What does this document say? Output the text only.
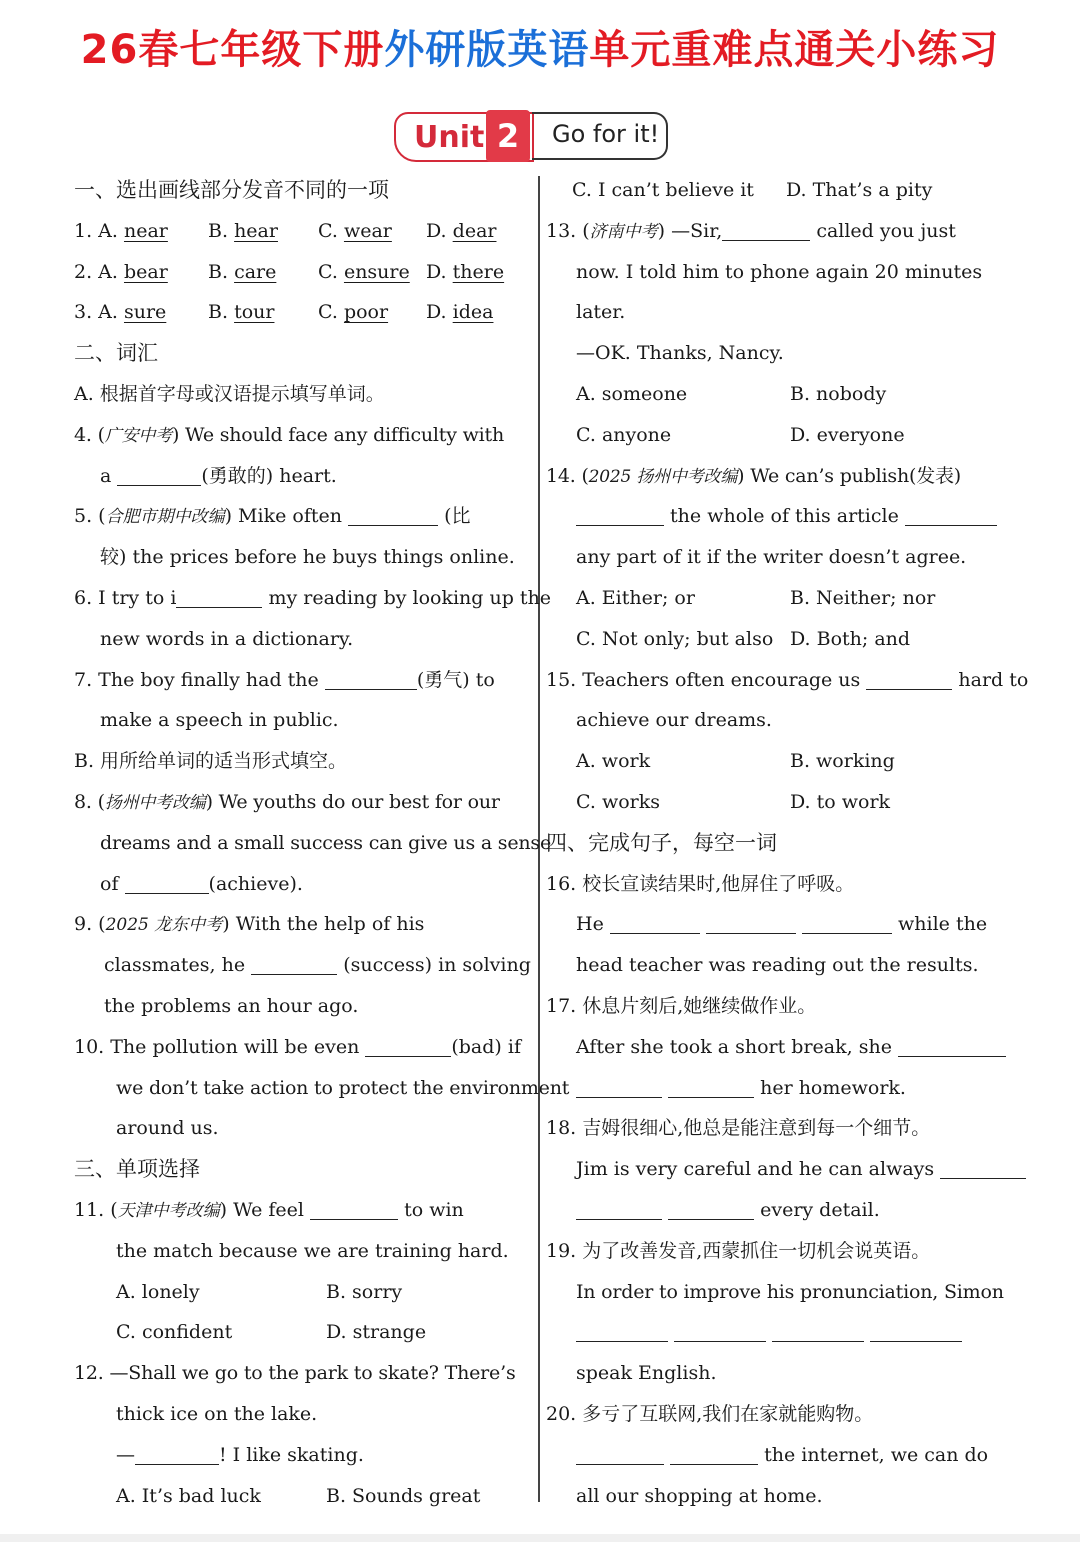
26春七年级下册外研版英语单元重难点通关小练习
Unit 2	Go for it!
一、选出画线部分发音不同的一项
1. A. near B. hear C. wear D. dear
2. A. bear B. care C. ensure D. there
3. A. sure B. tour C. poor D. idea
二、词汇
A. 根据首字母或汉语提示填写单词。
4. (广安中考) We should face any difficulty with
a	(勇敢的) heart.
5. (合肥市期中改编) Mike often	(比
较) the prices before he buys things online.
6. I try to i	my reading by looking up the
new words in a dictionary.
7. The boy finally had the	(勇气) to
make a speech in public.
B. 用所给单词的适当形式填空。
8. (扬州中考改编) We youths do our best for our
dreams and a small success can give us a sense
of	(achieve).
9. (2025 龙东中考) With the help of his
classmates, he	(success) in solving
the problems an hour ago.
10. The pollution will be even	(bad) if
we don’t take action to protect the environment
around us.
三、单项选择
11. (天津中考改编) We feel	to win
the match because we are training hard.
A. lonely	B. sorry
C. confident	D. strange
12. —Shall we go to the park to skate? There’s
thick ice on the lake.
—	! I like skating.
A. It’s bad luck	B. Sounds great
C. I can’t believe it D. That’s a pity
13. (济南中考) —Sir,	called you just
now. I told him to phone again 20 minutes
later.
—OK. Thanks, Nancy.
A. someone	B. nobody
C. anyone	D. everyone
14. (2025 扬州中考改编) We can’s publish(发表)
the whole of this article
any part of it if the writer doesn’t agree.
A. Either; or	B. Neither; nor
C. Not only; but also D. Both; and
15. Teachers often encourage us	hard to
achieve our dreams.
A. work	B. working
C. works	D. to work
四、完成句子，每空一词
16. 校长宣读结果时,他屏住了呼吸。
He	while the
head teacher was reading out the results.
17. 休息片刻后,她继续做作业。
After she took a short break, she
her homework.
18. 吉姆很细心,他总是能注意到每一个细节。
Jim is very careful and he can always
every detail.
19. 为了改善发音,西蒙抓住一切机会说英语。
In order to improve his pronunciation, Simon

speak English.
20. 多亏了互联网,我们在家就能购物。
the internet, we can do
all our shopping at home.
